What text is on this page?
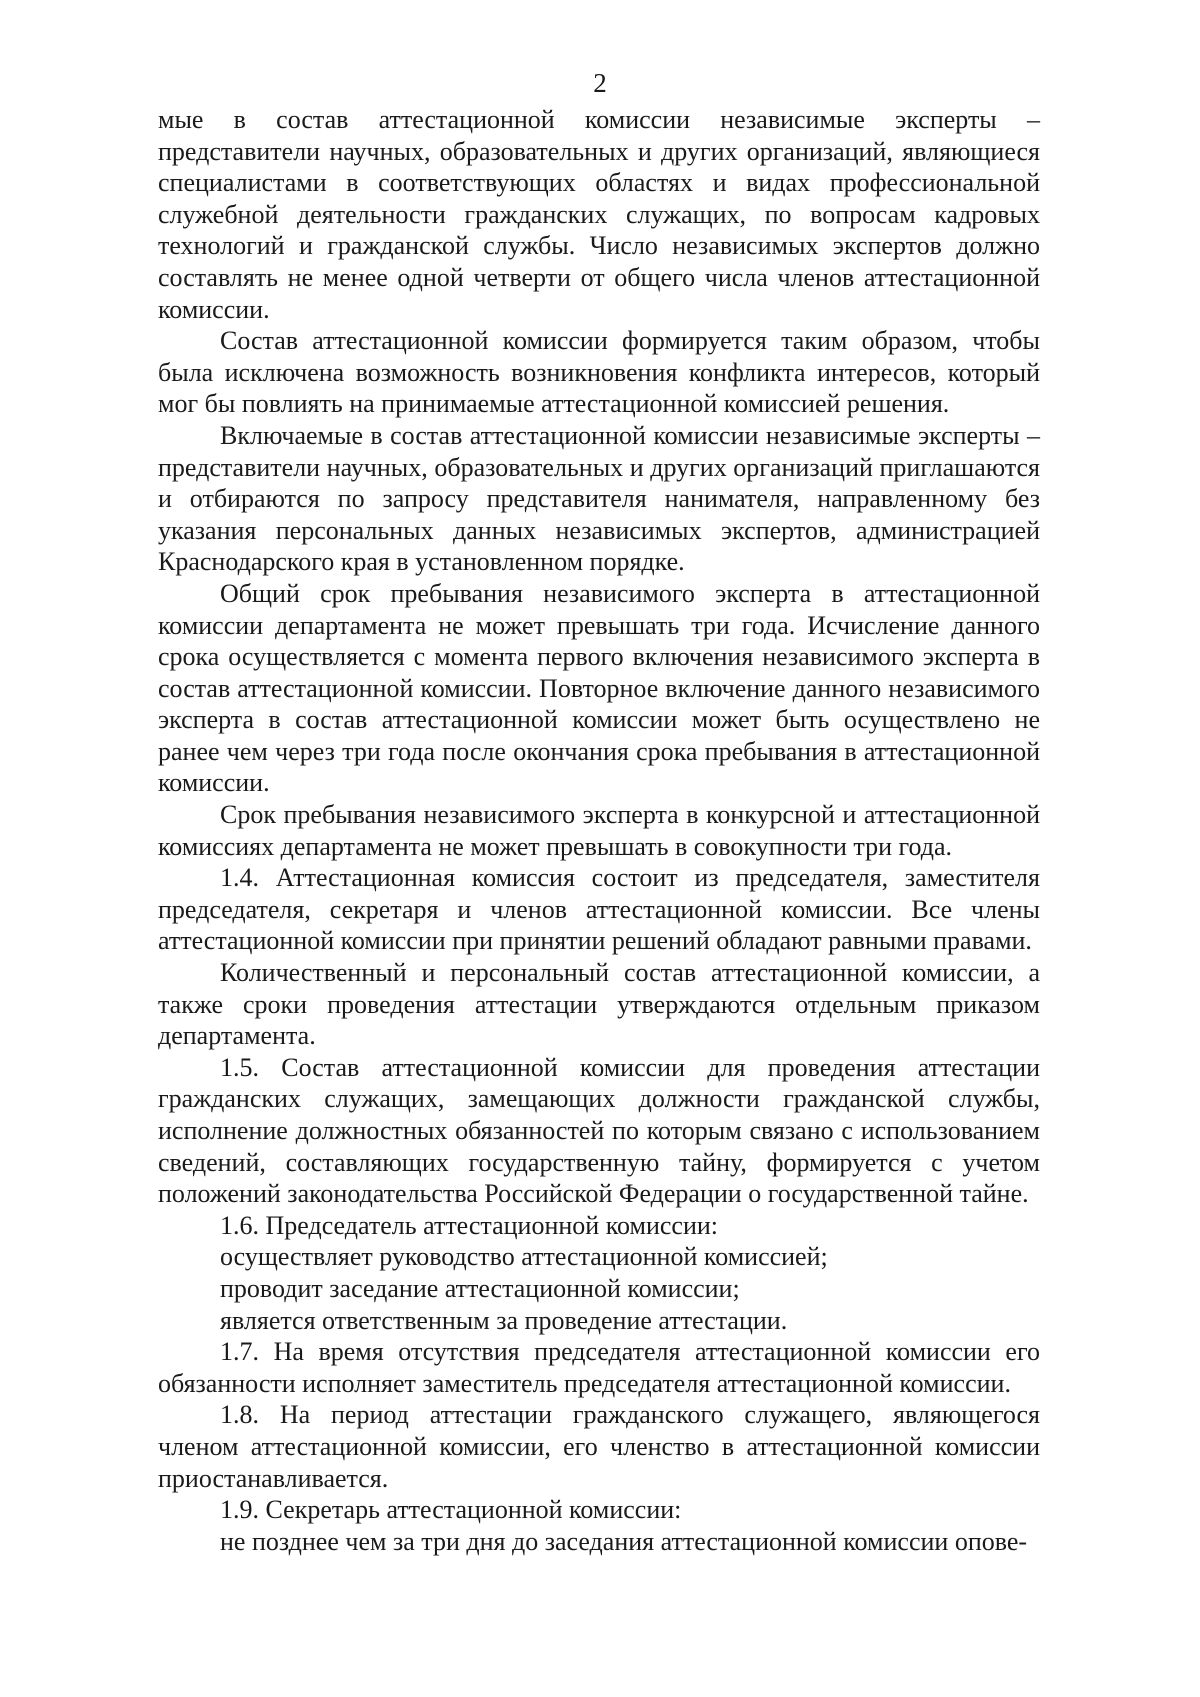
2

мые в состав аттестационной комиссии независимые эксперты – представители научных, образовательных и других организаций, являющиеся специалистами в соответствующих областях и видах профессиональной служебной деятельности гражданских служащих, по вопросам кадровых технологий и гражданской службы. Число независимых экспертов должно составлять не менее одной четверти от общего числа членов аттестационной комиссии.

Состав аттестационной комиссии формируется таким образом, чтобы была исключена возможность возникновения конфликта интересов, который мог бы повлиять на принимаемые аттестационной комиссией решения.

Включаемые в состав аттестационной комиссии независимые эксперты – представители научных, образовательных и других организаций приглашаются и отбираются по запросу представителя нанимателя, направленному без указания персональных данных независимых экспертов, администрацией Краснодарского края в установленном порядке.

Общий срок пребывания независимого эксперта в аттестационной комиссии департамента не может превышать три года. Исчисление данного срока осуществляется с момента первого включения независимого эксперта в состав аттестационной комиссии. Повторное включение данного независимого эксперта в состав аттестационной комиссии может быть осуществлено не ранее чем через три года после окончания срока пребывания в аттестационной комиссии.

Срок пребывания независимого эксперта в конкурсной и аттестационной комиссиях департамента не может превышать в совокупности три года.

1.4. Аттестационная комиссия состоит из председателя, заместителя председателя, секретаря и членов аттестационной комиссии. Все члены аттестационной комиссии при принятии решений обладают равными правами.

Количественный и персональный состав аттестационной комиссии, а также сроки проведения аттестации утверждаются отдельным приказом департамента.

1.5. Состав аттестационной комиссии для проведения аттестации гражданских служащих, замещающих должности гражданской службы, исполнение должностных обязанностей по которым связано с использованием сведений, составляющих государственную тайну, формируется с учетом положений законодательства Российской Федерации о государственной тайне.

1.6. Председатель аттестационной комиссии:

осуществляет руководство аттестационной комиссией;

проводит заседание аттестационной комиссии;

является ответственным за проведение аттестации.

1.7. На время отсутствия председателя аттестационной комиссии его обязанности исполняет заместитель председателя аттестационной комиссии.

1.8. На период аттестации гражданского служащего, являющегося членом аттестационной комиссии, его членство в аттестационной комиссии приостанавливается.

1.9. Секретарь аттестационной комиссии:

не позднее чем за три дня до заседания аттестационной комиссии опове-
